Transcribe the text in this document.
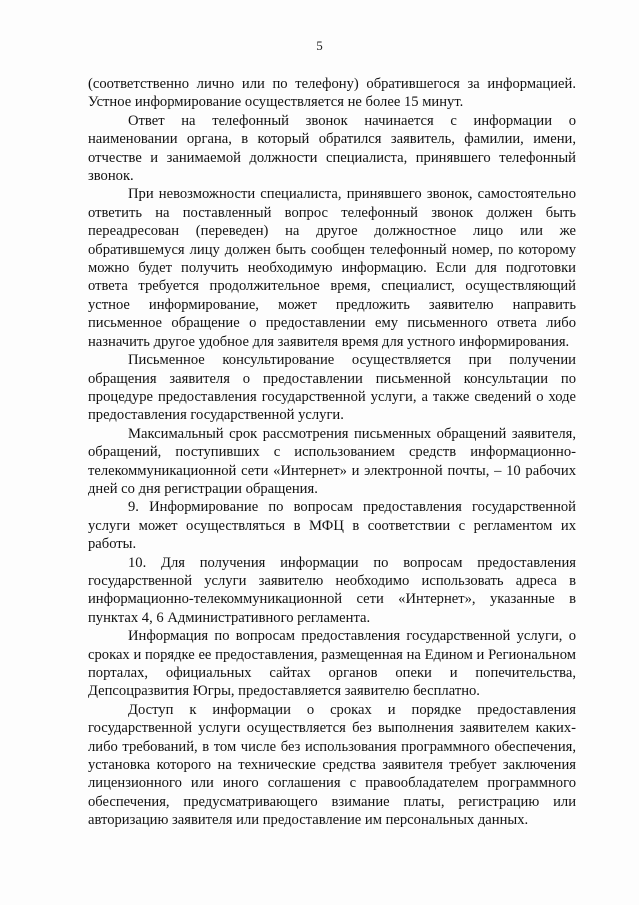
5

(соответственно лично или по телефону) обратившегося за информацией. Устное информирование осуществляется не более 15 минут.

Ответ на телефонный звонок начинается с информации о наименовании органа, в который обратился заявитель, фамилии, имени, отчестве и занимаемой должности специалиста, принявшего телефонный звонок.

При невозможности специалиста, принявшего звонок, самостоятельно ответить на поставленный вопрос телефонный звонок должен быть переадресован (переведен) на другое должностное лицо или же обратившемуся лицу должен быть сообщен телефонный номер, по которому можно будет получить необходимую информацию. Если для подготовки ответа требуется продолжительное время, специалист, осуществляющий устное информирование, может предложить заявителю направить письменное обращение о предоставлении ему письменного ответа либо назначить другое удобное для заявителя время для устного информирования.

Письменное консультирование осуществляется при получении обращения заявителя о предоставлении письменной консультации по процедуре предоставления государственной услуги, а также сведений о ходе предоставления государственной услуги.

Максимальный срок рассмотрения письменных обращений заявителя, обращений, поступивших с использованием средств информационно-телекоммуникационной сети «Интернет» и электронной почты, – 10 рабочих дней со дня регистрации обращения.

9. Информирование по вопросам предоставления государственной услуги может осуществляться в МФЦ в соответствии с регламентом их работы.

10. Для получения информации по вопросам предоставления государственной услуги заявителю необходимо использовать адреса в информационно-телекоммуникационной сети «Интернет», указанные в пунктах 4, 6 Административного регламента.

Информация по вопросам предоставления государственной услуги, о сроках и порядке ее предоставления, размещенная на Едином и Региональном порталах, официальных сайтах органов опеки и попечительства, Депсоцразвития Югры, предоставляется заявителю бесплатно.

Доступ к информации о сроках и порядке предоставления государственной услуги осуществляется без выполнения заявителем каких-либо требований, в том числе без использования программного обеспечения, установка которого на технические средства заявителя требует заключения лицензионного или иного соглашения с правообладателем программного обеспечения, предусматривающего взимание платы, регистрацию или авторизацию заявителя или предоставление им персональных данных.
